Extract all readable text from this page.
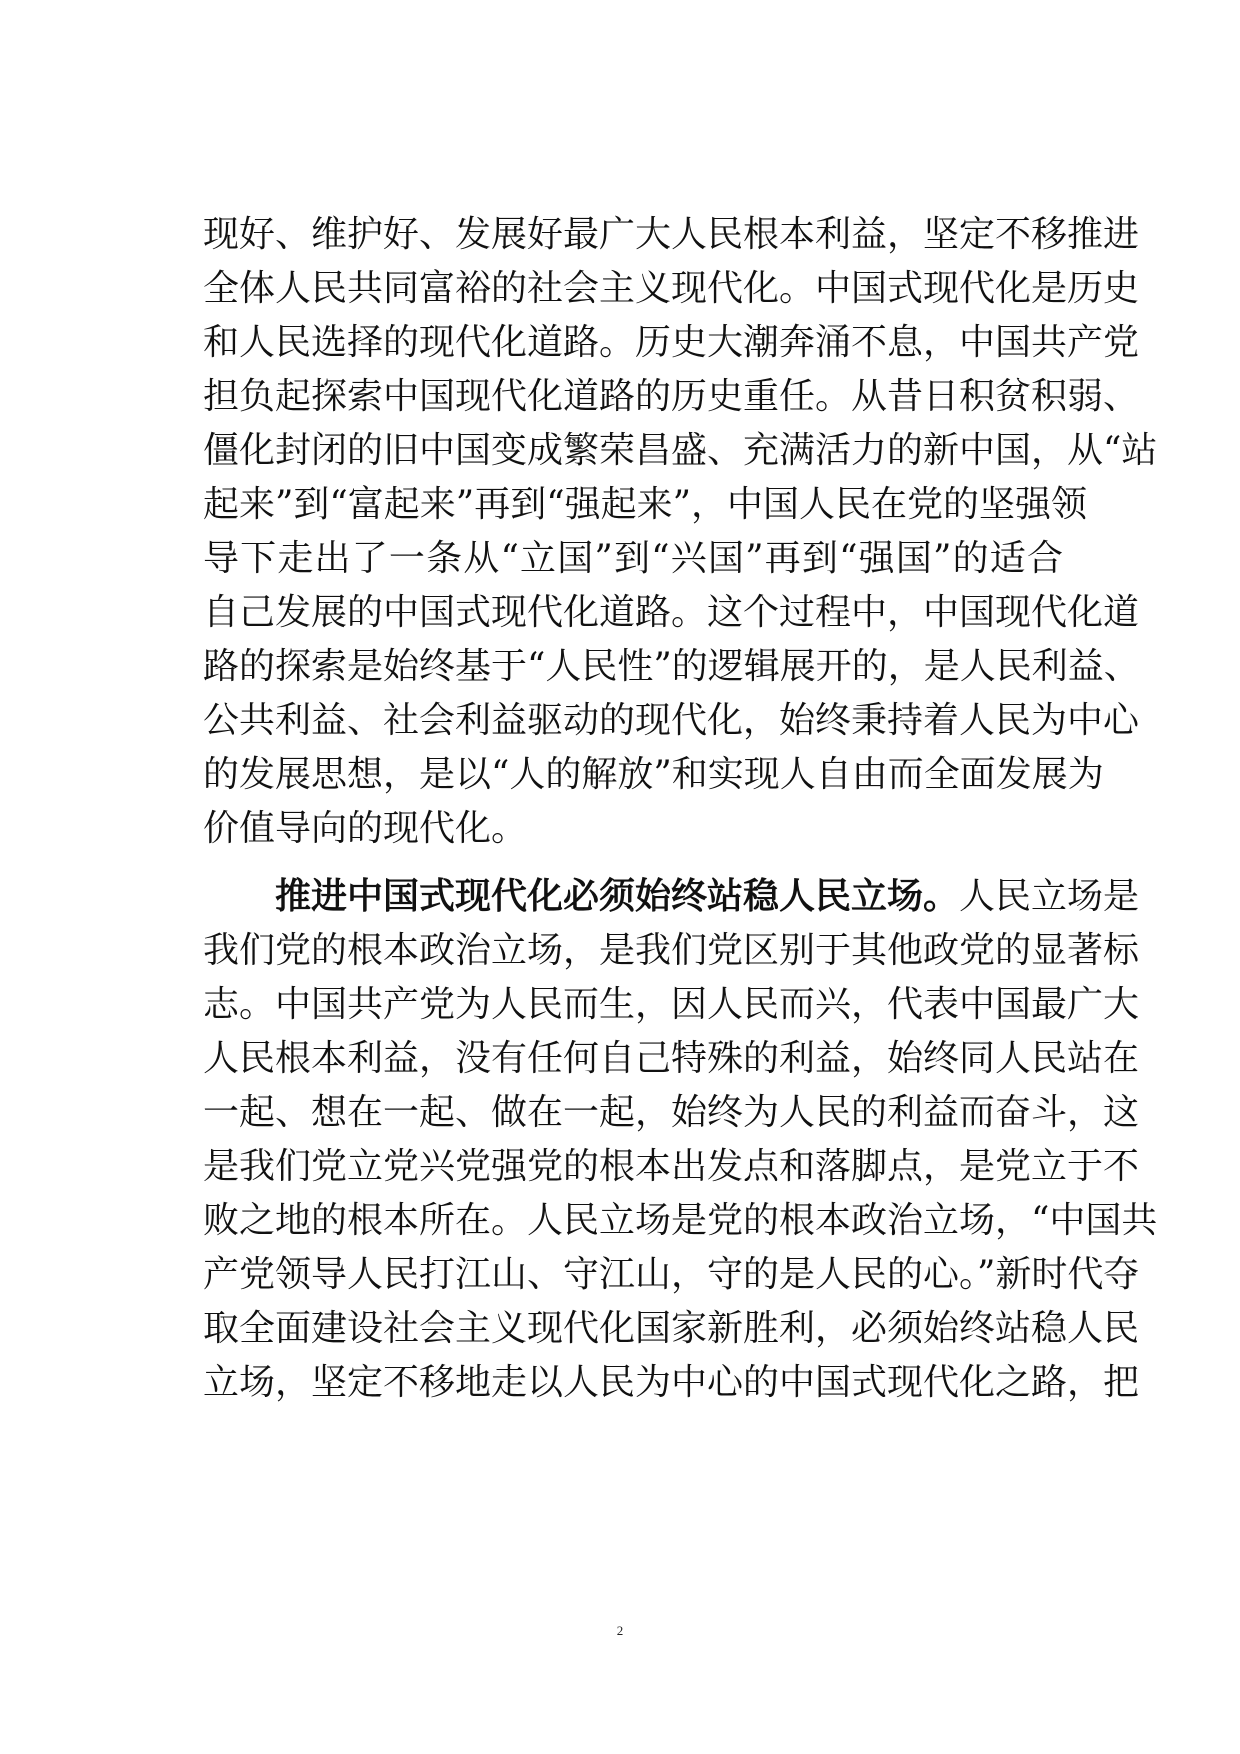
现好、维护好、发展好最广大人民根本利益，坚定不移推进
全体人民共同富裕的社会主义现代化。中国式现代化是历史
和人民选择的现代化道路。历史大潮奔涌不息，中国共产党
担负起探索中国现代化道路的历史重任。从昔日积贫积弱、
僵化封闭的旧中国变成繁荣昌盛、充满活力的新中国，从“站
起来”到“富起来”再到“强起来”，中国人民在党的坚强领
导下走出了一条从“立国”到“兴国”再到“强国”的适合
自己发展的中国式现代化道路。这个过程中，中国现代化道
路的探索是始终基于“人民性”的逻辑展开的，是人民利益、
公共利益、社会利益驱动的现代化，始终秉持着人民为中心
的发展思想，是以“人的解放”和实现人自由而全面发展为
价值导向的现代化。
推进中国式现代化必须始终站稳人民立场。人民立场是
我们党的根本政治立场，是我们党区别于其他政党的显著标
志。中国共产党为人民而生，因人民而兴，代表中国最广大
人民根本利益，没有任何自己特殊的利益，始终同人民站在
一起、想在一起、做在一起，始终为人民的利益而奋斗，这
是我们党立党兴党强党的根本出发点和落脚点，是党立于不
败之地的根本所在。人民立场是党的根本政治立场，“中国共
产党领导人民打江山、守江山，守的是人民的心。”新时代夺
取全面建设社会主义现代化国家新胜利，必须始终站稳人民
立场，坚定不移地走以人民为中心的中国式现代化之路，把
2
